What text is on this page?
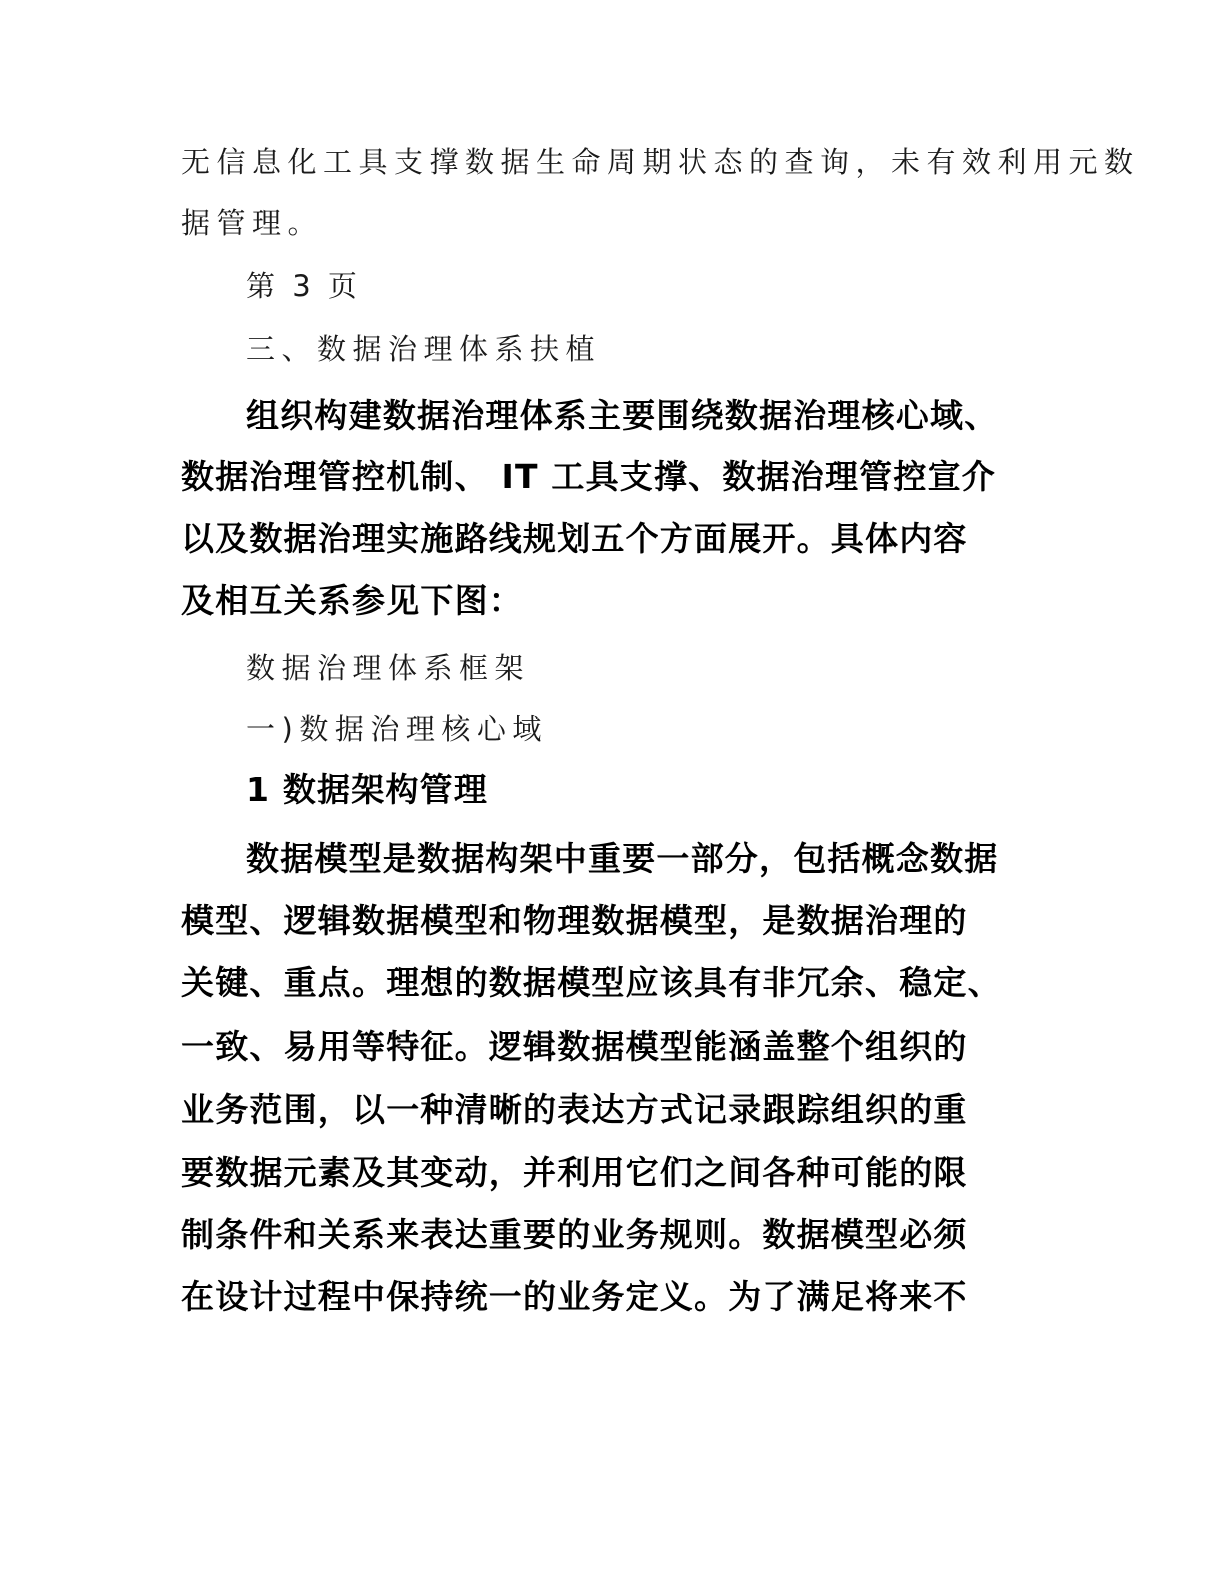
无信息化工具支撑数据生命周期状态的查询，未有效利用元数

据管理。

第 3 页

三、数据治理体系扶植

组织构建数据治理体系主要围绕数据治理核心域、

数据治理管控机制、 IT 工具支撑、数据治理管控宣介

以及数据治理实施路线规划五个方面展开。具体内容

及相互关系参见下图：

数据治理体系框架

一)数据治理核心域

1 数据架构管理

数据模型是数据构架中重要一部分，包括概念数据

模型、逻辑数据模型和物理数据模型，是数据治理的

关键、重点。理想的数据模型应该具有非冗余、稳定、

一致、易用等特征。逻辑数据模型能涵盖整个组织的

业务范围，以一种清晰的表达方式记录跟踪组织的重

要数据元素及其变动，并利用它们之间各种可能的限

制条件和关系来表达重要的业务规则。数据模型必须

在设计过程中保持统一的业务定义。为了满足将来不
